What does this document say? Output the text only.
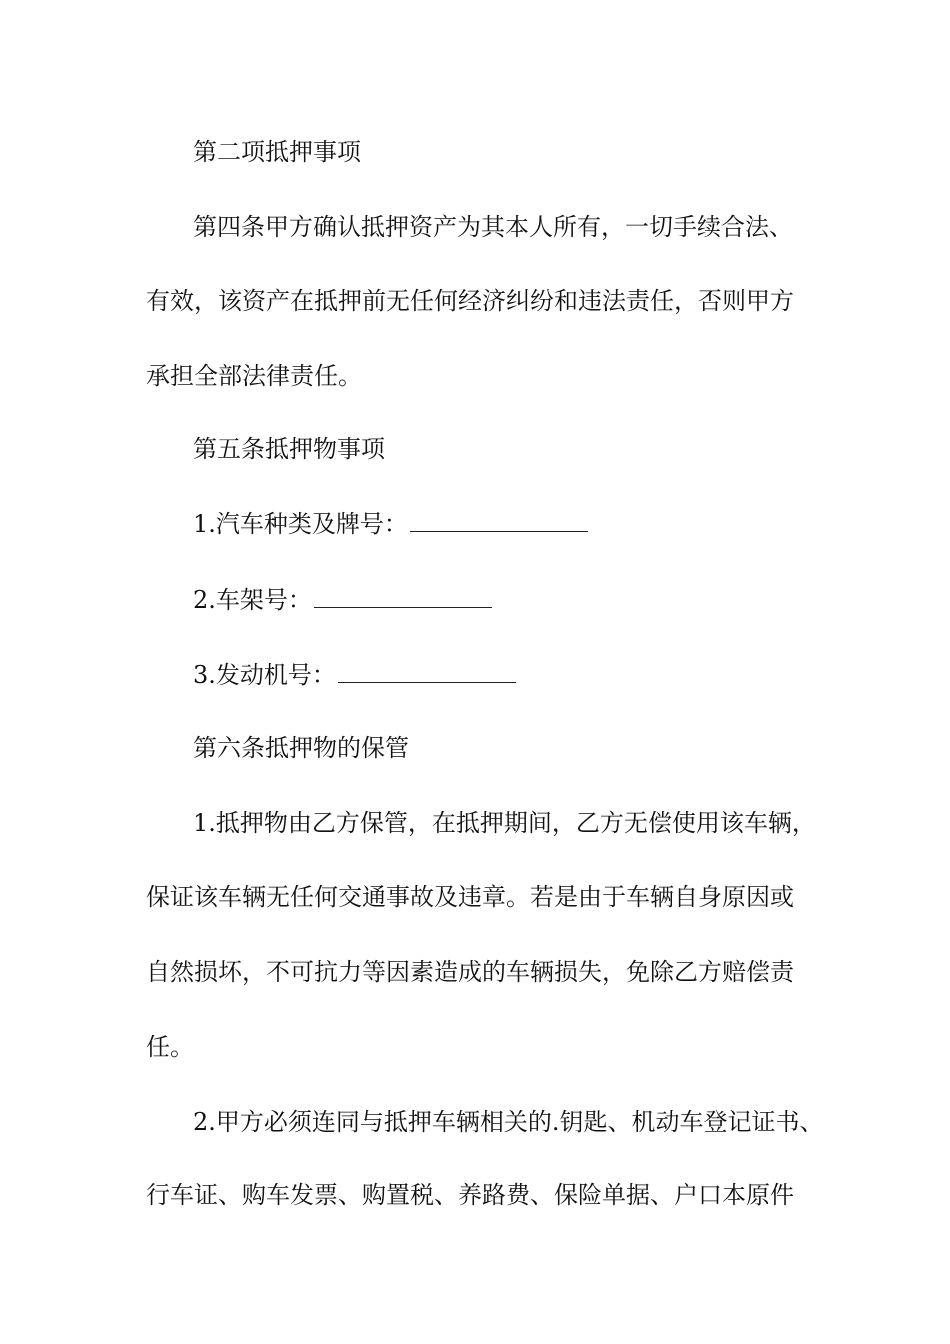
第二项抵押事项
第四条甲方确认抵押资产为其本人所有，一切手续合法、
有效，该资产在抵押前无任何经济纠纷和违法责任，否则甲方
承担全部法律责任。
第五条抵押物事项
1.汽车种类及牌号：
2.车架号：
3.发动机号：
第六条抵押物的保管
1.抵押物由乙方保管，在抵押期间，乙方无偿使用该车辆，
保证该车辆无任何交通事故及违章。若是由于车辆自身原因或
自然损坏，不可抗力等因素造成的车辆损失，免除乙方赔偿责
任。
2.甲方必须连同与抵押车辆相关的.钥匙、机动车登记证书、
行车证、购车发票、购置税、养路费、保险单据、户口本原件
